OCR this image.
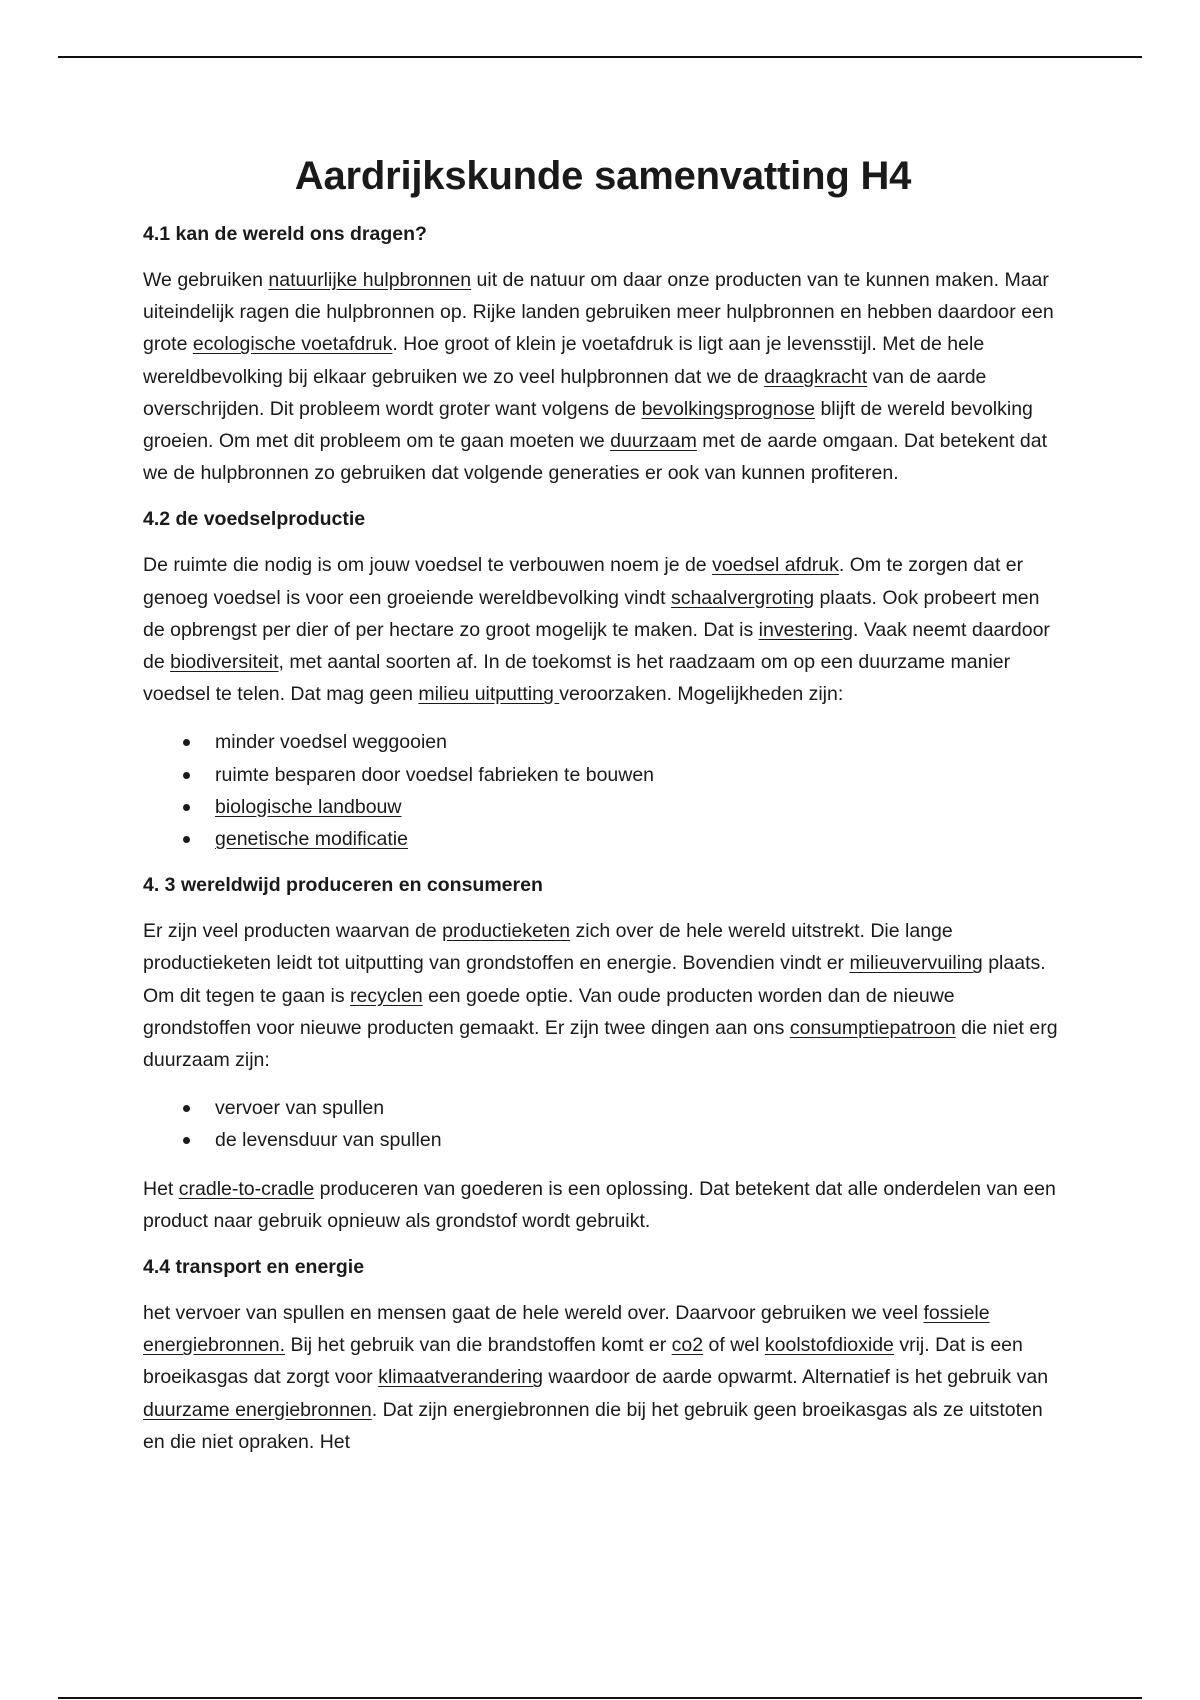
Aardrijkskunde samenvatting H4
4.1 kan de wereld ons dragen?

We gebruiken natuurlijke hulpbronnen uit de natuur om daar onze producten van te kunnen maken. Maar uiteindelijk ragen die hulpbronnen op. Rijke landen gebruiken meer hulpbronnen en hebben daardoor een grote ecologische voetafdruk. Hoe groot of klein je voetafdruk is ligt aan je levensstijl. Met de hele wereldbevolking bij elkaar gebruiken we zo veel hulpbronnen dat we de draagkracht van de aarde overschrijden. Dit probleem wordt groter want volgens de bevolkingsprognose blijft de wereld bevolking groeien. Om met dit probleem om te gaan moeten we duurzaam met de aarde omgaan. Dat betekent dat we de hulpbronnen zo gebruiken dat volgende generaties er ook van kunnen profiteren.

4.2 de voedselproductie

De ruimte die nodig is om jouw voedsel te verbouwen noem je de voedsel afdruk. Om te zorgen dat er genoeg voedsel is voor een groeiende wereldbevolking vindt schaalvergroting plaats. Ook probeert men de opbrengst per dier of per hectare zo groot mogelijk te maken. Dat is investering. Vaak neemt daardoor de biodiversiteit, met aantal soorten af. In de toekomst is het raadzaam om op een duurzame manier voedsel te telen. Dat mag geen milieu uitputting veroorzaken. Mogelijkheden zijn:

minder voedsel weggooien
ruimte besparen door voedsel fabrieken te bouwen
biologische landbouw
genetische modificatie
4. 3 wereldwijd produceren en consumeren

Er zijn veel producten waarvan de productieketen zich over de hele wereld uitstrekt. Die lange productieketen leidt tot uitputting van grondstoffen en energie. Bovendien vindt er milieuvervuiling plaats. Om dit tegen te gaan is recyclen een goede optie. Van oude producten worden dan de nieuwe grondstoffen voor nieuwe producten gemaakt. Er zijn twee dingen aan ons consumptiepatroon die niet erg duurzaam zijn:

vervoer van spullen
de levensduur van spullen

Het cradle-to-cradle produceren van goederen is een oplossing. Dat betekent dat alle onderdelen van een product naar gebruik opnieuw als grondstof wordt gebruikt.

4.4 transport en energie

het vervoer van spullen en mensen gaat de hele wereld over. Daarvoor gebruiken we veel fossiele energiebronnen. Bij het gebruik van die brandstoffen komt er co2 of wel koolstofdioxide vrij. Dat is een broeikasgas dat zorgt voor klimaatverandering waardoor de aarde opwarmt. Alternatief is het gebruik van duurzame energiebronnen. Dat zijn energiebronnen die bij het gebruik geen broeikasgas als ze uitstoten en die niet opraken. Het
